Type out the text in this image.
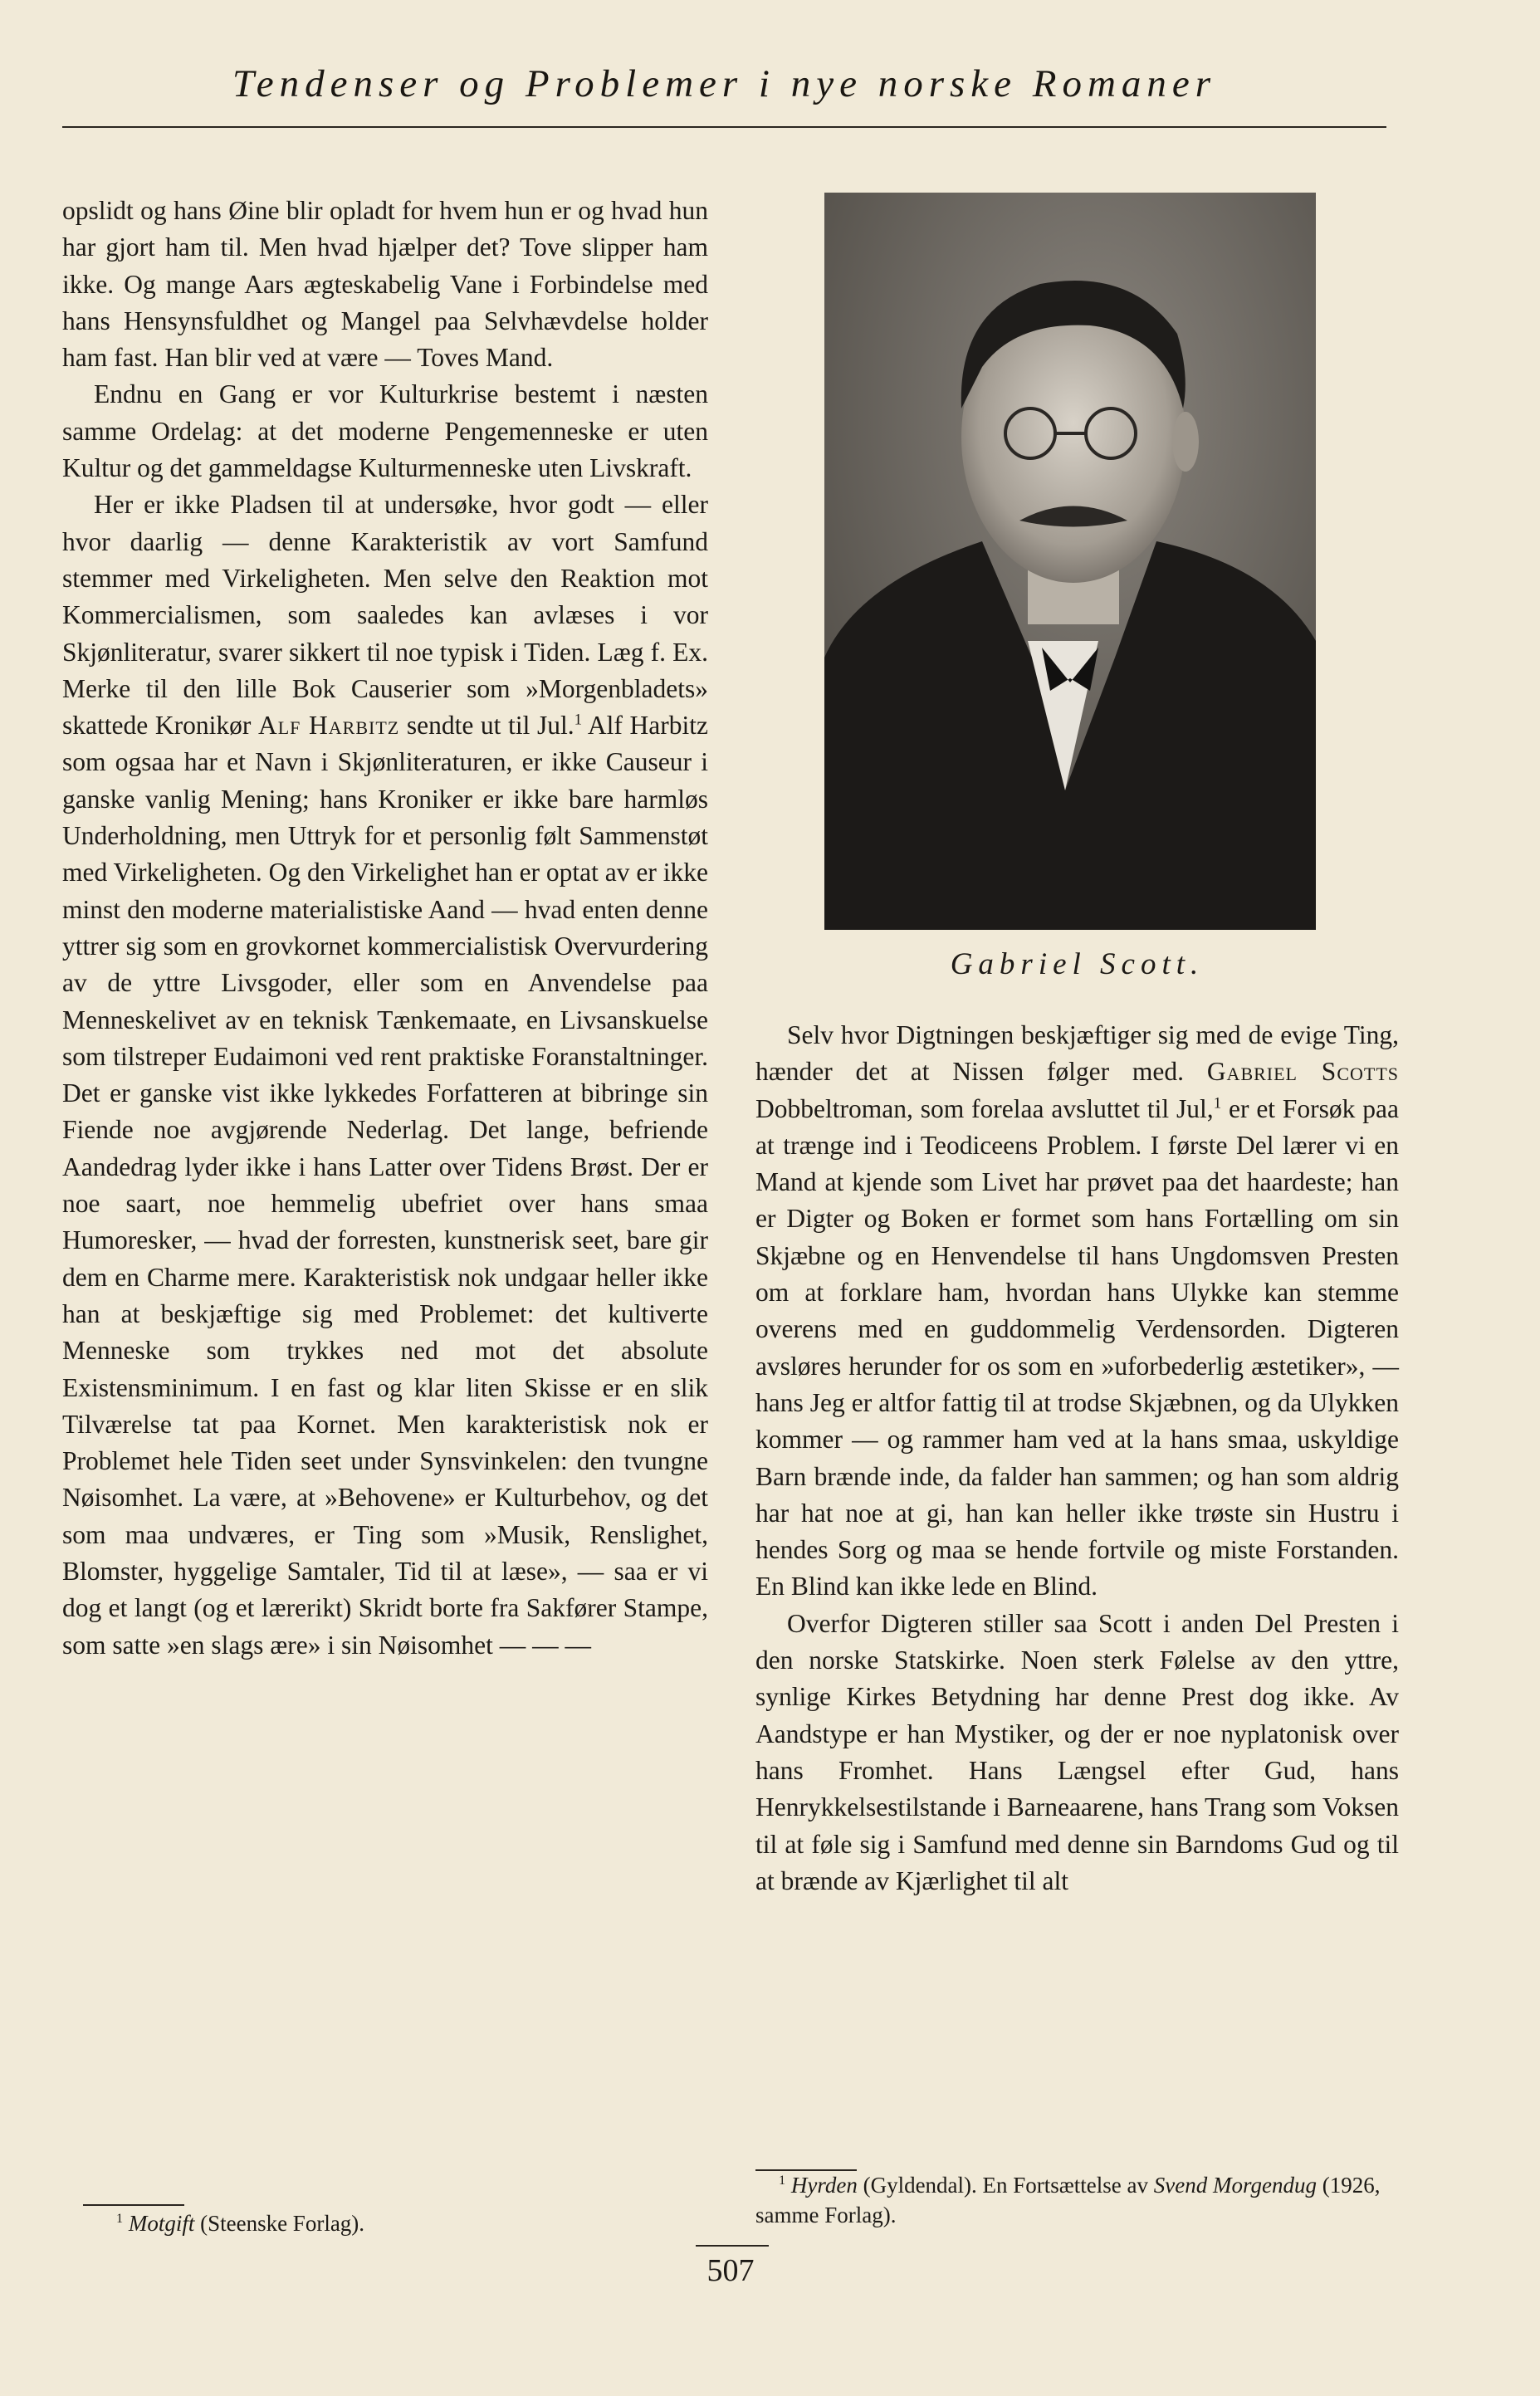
Tendenser og Problemer i nye norske Romaner

opslidt og hans Øine blir opladt for hvem hun er og hvad hun har gjort ham til. Men hvad hjælper det? Tove slipper ham ikke. Og mange Aars ægteskabelig Vane i Forbindelse med hans Hensynsfuldhet og Mangel paa Selvhævdelse holder ham fast. Han blir ved at være — Toves Mand.

Endnu en Gang er vor Kulturkrise bestemt i næsten samme Ordelag: at det moderne Pengemenneske er uten Kultur og det gammeldagse Kulturmenneske uten Livskraft.

Her er ikke Pladsen til at undersøke, hvor godt — eller hvor daarlig — denne Karakteristik av vort Samfund stemmer med Virkeligheten. Men selve den Reaktion mot Kommercialismen, som saaledes kan avlæses i vor Skjønliteratur, svarer sikkert til noe typisk i Tiden. Læg f. Ex. Merke til den lille Bok Causerier som »Morgenbladets» skattede Kronikør Alf Harbitz sendte ut til Jul.$^1$ Alf Harbitz som ogsaa har et Navn i Skjønliteraturen, er ikke Causeur i ganske vanlig Mening; hans Kroniker er ikke bare harmløs Underholdning, men Uttryk for et personlig følt Sammenstøt med Virkeligheten. Og den Virkelighet han er optat av er ikke minst den moderne materialistiske Aand — hvad enten denne yttrer sig som en grovkornet kommercialistisk Overvurdering av de yttre Livsgoder, eller som en Anvendelse paa Menneskelivet av en teknisk Tænkemaate, en Livsanskuelse som tilstreper Eudaimoni ved rent praktiske Foranstaltninger. Det er ganske vist ikke lykkedes Forfatteren at bibringe sin Fiende noe avgjørende Nederlag. Det lange, befriende Aandedrag lyder ikke i hans Latter over Tidens Brøst. Der er noe saart, noe hemmelig ubefriet over hans smaa Humoresker, — hvad der forresten, kunstnerisk seet, bare gir dem en Charme mere. Karakteristisk nok undgaar heller ikke han at beskjæftige sig med Problemet: det kultiverte Menneske som trykkes ned mot det absolute Existensminimum. I en fast og klar liten Skisse er en slik Tilværelse tat paa Kornet. Men karakteristisk nok er Problemet hele Tiden seet under Synsvinkelen: den tvungne Nøisomhet. La være, at »Behovene» er Kulturbehov, og det som maa undværes, er Ting som »Musik, Renslighet, Blomster, hyggelige Samtaler, Tid til at læse», — saa er vi dog et langt (og et lærerikt) Skridt borte fra Sakfører Stampe, som satte »en slags ære» i sin Nøisomhet — — —

Gabriel Scott.

Selv hvor Digtningen beskjæftiger sig med de evige Ting, hænder det at Nissen følger med. Gabriel Scotts Dobbeltroman, som forelaa avsluttet til Jul,$^1$ er et Forsøk paa at trænge ind i Teodiceens Problem. I første Del lærer vi en Mand at kjende som Livet har prøvet paa det haardeste; han er Digter og Boken er formet som hans Fortælling om sin Skjæbne og en Henvendelse til hans Ungdomsven Presten om at forklare ham, hvordan hans Ulykke kan stemme overens med en guddommelig Verdensorden. Digteren avsløres herunder for os som en »uforbederlig æstetiker», — hans Jeg er altfor fattig til at trodse Skjæbnen, og da Ulykken kommer — og rammer ham ved at la hans smaa, uskyldige Barn brænde inde, da falder han sammen; og han som aldrig har hat noe at gi, han kan heller ikke trøste sin Hustru i hendes Sorg og maa se hende fortvile og miste Forstanden. En Blind kan ikke lede en Blind.

Overfor Digteren stiller saa Scott i anden Del Presten i den norske Statskirke. Noen sterk Følelse av den yttre, synlige Kirkes Betydning har denne Prest dog ikke. Av Aandstype er han Mystiker, og der er noe nyplatonisk over hans Fromhet. Hans Længsel efter Gud, hans Henrykkelsestilstande i Barneaarene, hans Trang som Voksen til at føle sig i Samfund med denne sin Barndoms Gud og til at brænde av Kjærlighet til alt

$^1$ Hyrden (Gyldendal). En Fortsættelse av Svend Morgendug (1926, samme Forlag).
$^1$ Motgift (Steenske Forlag).
507
